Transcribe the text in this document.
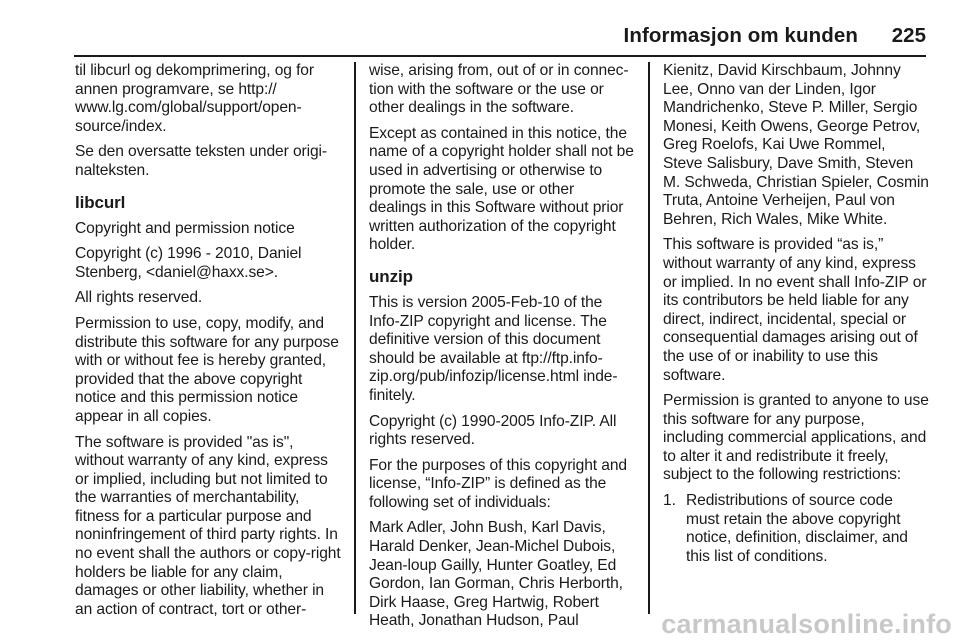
Informasjon om kunden 225

til libcurl og dekomprimering, og for annen programvare, se http:// www.lg.com/global/support/open-source/index.

Se den oversatte teksten under origi-nalteksten.

libcurl

Copyright and permission notice

Copyright (c) 1996 - 2010, Daniel Stenberg, <daniel@haxx.se>.

All rights reserved.

Permission to use, copy, modify, and distribute this software for any purpose with or without fee is hereby granted, provided that the above copyright notice and this permission notice appear in all copies.

The software is provided "as is", without warranty of any kind, express or implied, including but not limited to the warranties of merchantability, fitness for a particular purpose and noninfringement of third party rights. In no event shall the authors or copy-right holders be liable for any claim, damages or other liability, whether in an action of contract, tort or other-

wise, arising from, out of or in connec-tion with the software or the use or other dealings in the software.

Except as contained in this notice, the name of a copyright holder shall not be used in advertising or otherwise to promote the sale, use or other dealings in this Software without prior written authorization of the copyright holder.

unzip

This is version 2005-Feb-10 of the Info-ZIP copyright and license. The definitive version of this document should be available at ftp://ftp.info-zip.org/pub/infozip/license.html inde-finitely.

Copyright (c) 1990-2005 Info-ZIP. All rights reserved.

For the purposes of this copyright and license, “Info-ZIP” is defined as the following set of individuals:

Mark Adler, John Bush, Karl Davis, Harald Denker, Jean-Michel Dubois, Jean-loup Gailly, Hunter Goatley, Ed Gordon, Ian Gorman, Chris Herborth, Dirk Haase, Greg Hartwig, Robert Heath, Jonathan Hudson, Paul

Kienitz, David Kirschbaum, Johnny Lee, Onno van der Linden, Igor Mandrichenko, Steve P. Miller, Sergio Monesi, Keith Owens, George Petrov, Greg Roelofs, Kai Uwe Rommel, Steve Salisbury, Dave Smith, Steven M. Schweda, Christian Spieler, Cosmin Truta, Antoine Verheijen, Paul von Behren, Rich Wales, Mike White.

This software is provided “as is,” without warranty of any kind, express or implied. In no event shall Info-ZIP or its contributors be held liable for any direct, indirect, incidental, special or consequential damages arising out of the use of or inability to use this software.

Permission is granted to anyone to use this software for any purpose, including commercial applications, and to alter it and redistribute it freely, subject to the following restrictions:

1. Redistributions of source code must retain the above copyright notice, definition, disclaimer, and this list of conditions.
carmanualsonline.info
